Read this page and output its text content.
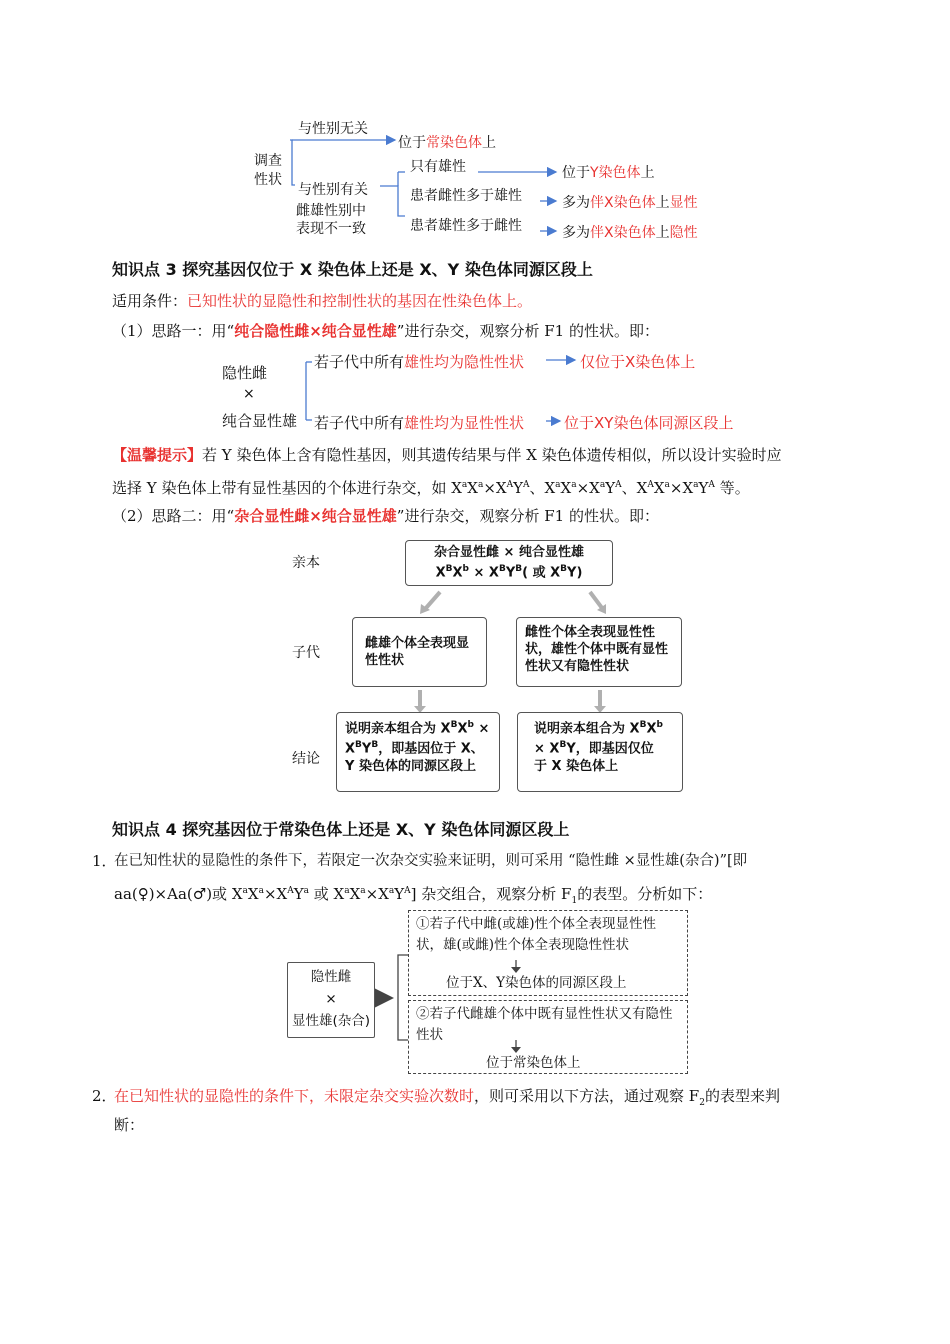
调查
性状
与性别无关
位于常染色体上
与性别有关
雌雄性别中
表现不一致
只有雄性
患者雌性多于雄性
患者雄性多于雌性
位于Y染色体上
多为伴X染色体上显性
多为伴X染色体上隐性
知识点 3 探究基因仅位于 X 染色体上还是 X、Y 染色体同源区段上
适用条件：已知性状的显隐性和控制性状的基因在性染色体上。
（1）思路一：用“纯合隐性雌×纯合显性雄”进行杂交，观察分析 F1 的性状。即：
隐性雌
×
纯合显性雄
若子代中所有雄性均为隐性性状	仅位于X染色体上
若子代中所有雄性均为显性性状	位于XY染色体同源区段上
【温馨提示】若 Y 染色体上含有隐性基因，则其遗传结果与伴 X 染色体遗传相似，所以设计实验时应
选择 Y 染色体上带有显性基因的个体进行杂交，如 $X^aX^a\times X^AY^A$、$X^aX^a\times X^aY^A$、$X^AX^a\times X^aY^A$ 等。
（2）思路二：用“杂合显性雌×纯合显性雄”进行杂交，观察分析 F1 的性状。即：
亲本
子代
结论
杂合显性雌 × 纯合显性雄
$X^BX^b \times X^BY^B$( 或 $X^BY$)
雌雄个体全表现显性性状
雌性个体全表现显性性状，雄性个体中既有显性性状又有隐性性状
说明亲本组合为 $X^BX^b \times X^BY^B$，即基因位于 X、Y 染色体的同源区段上
说明亲本组合为 $X^BX^b \times X^BY$，即基因仅位于 X 染色体上
知识点 4 探究基因位于常染色体上还是 X、Y 染色体同源区段上
1．
在已知性状的显隐性的条件下，若限定一次杂交实验来证明，则可采用 “隐性雌 ×显性雄(杂合)”[即
aa(♀)×Aa(♂)或 $X^aX^a\times X^AY^a$ 或 $X^aX^a\times X^aY^A$] 杂交组合，观察分析 $F_1$的表型。分析如下：
隐性雌
×
显性雄(杂合)
①若子代中雌(或雄)性个体全表现显性性状，雄(或雌)性个体全表现隐性性状
位于X、Y染色体的同源区段上
②若子代雌雄个体中既有显性性状又有隐性性状
位于常染色体上
2．
在已知性状的显隐性的条件下，未限定杂交实验次数时，则可采用以下方法，通过观察 $F_2$的表型来判
断：
